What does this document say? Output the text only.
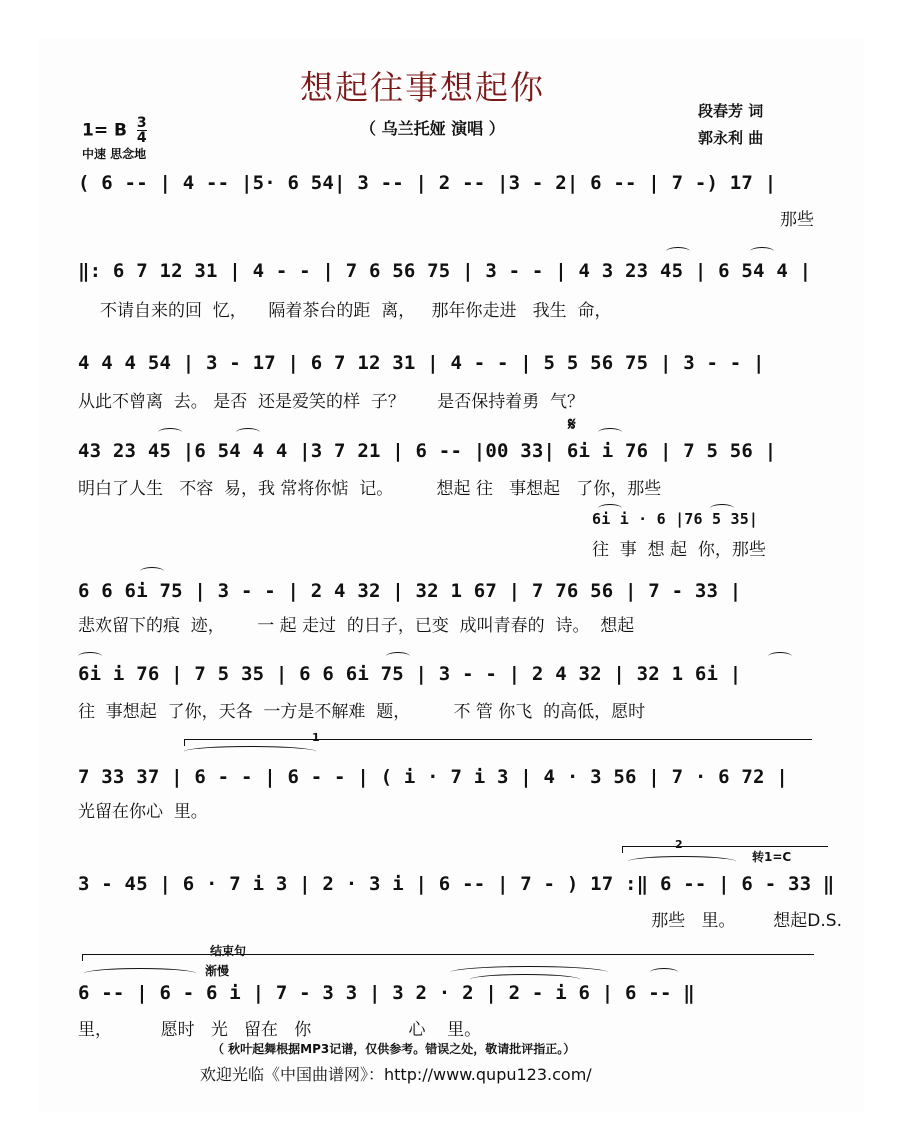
想起往事想起你
（ 乌兰托娅 演唱 ）
段春芳 词
郭永利 曲
1= B $\frac{3}{4}$
中速 思念地
( 6 -- | 4 -- |5· 6 54| 3 -- | 2 -- |3 - 2| 6 -- | 7 -) 17 |
那些
‖: 6 7 12 31 | 4 - - | 7 6 56 75 | 3 - - | 4 3 23 45 | 6 54 4 |
不请自来的回  忆，    隔着茶台的距  离，   那年你走进   我生  命，
4 4 4 54 | 3 - 17 | 6 7 12 31 | 4 - - | 5 5 56 75 | 3 - - |
从此不曾离  去。 是否  还是爱笑的样  子？      是否保持着勇  气？
𝄋
43 23 45 |6 54 4 4 |3 7 21 | 6 -- |00 33| 6i i 76 | 7 5 56 |
明白了人生   不容  易，我 常将你惦  记。        想起 往   事想起   了你，那些
6i i · 6 |76 5 35|
往  事  想 起  你，那些
6 6 6i 75 | 3 - - | 2 4 32 | 32 1 67 | 7 76 56 | 7 - 33 |
悲欢留下的痕  迹，      一 起 走过  的日子，已变  成叫青春的  诗。  想起
6i i 76 | 7 5 35 | 6 6 6i 75 | 3 - - | 2 4 32 | 32 1 6i |
往  事想起  了你，天各  一方是不解难  题，        不 管 你飞  的高低，愿时
1
7 33 37 | 6 - - | 6 - - | ( i · 7 i 3 | 4 · 3 56 | 7 · 6 72 |
光留在你心  里。
2
转1=C
3 - 45 | 6 · 7 i 3 | 2 · 3 i | 6 -- | 7 - ) 17 :‖ 6 -- | 6 - 33 ‖
那些   里。       想起D.S.
结束句
渐慢
6 -- | 6 - 6 i | 7 - 3 3 | 3 2 · 2 | 2 - i 6 | 6 -- ‖
里，         愿时   光   留在   你                  心    里。
（ 秋叶起舞根据MP3记谱，仅供参考。错误之处，敬请批评指正。）
欢迎光临《中国曲谱网》：http://www.qupu123.com/
